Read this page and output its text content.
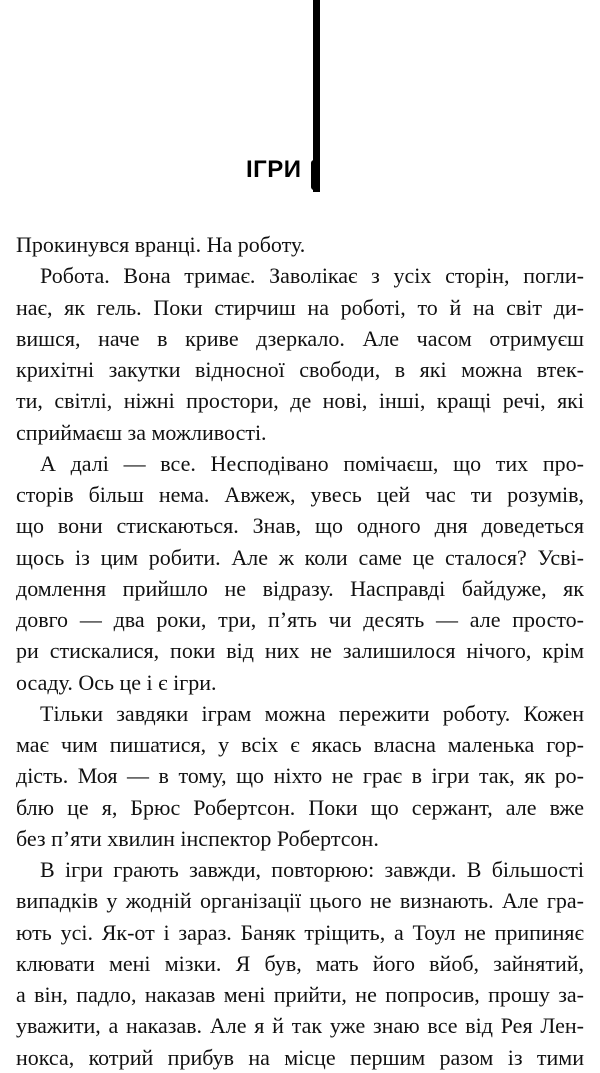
ІГРИ
Прокинувся вранці. На роботу.
Робота. Вона тримає. Заволікає з усіх сторін, погли-
нає, як гель. Поки стирчиш на роботі, то й на світ ди-
вишся, наче в криве дзеркало. Але часом отримуєш
крихітні закутки відносної свободи, в які можна втек-
ти, світлі, ніжні простори, де нові, інші, кращі речі, які
сприймаєш за можливості.
А далі — все. Несподівано помічаєш, що тих про-
сторів більш нема. Авжеж, увесь цей час ти розумів,
що вони стискаються. Знав, що одного дня доведеться
щось із цим робити. Але ж коли саме це сталося? Усві-
домлення прийшло не відразу. Насправді байдуже, як
довго — два роки, три, п’ять чи десять — але просто-
ри стискалися, поки від них не залишилося нічого, крім
осаду. Ось це і є ігри.
Тільки завдяки іграм можна пережити роботу. Кожен
має чим пишатися, у всіх є якась власна маленька гор-
дість. Моя — в тому, що ніхто не грає в ігри так, як ро-
блю це я, Брюс Робертсон. Поки що сержант, але вже
без п’яти хвилин інспектор Робертсон.
В ігри грають завжди, повторюю: завжди. В більшості
випадків у жодній організації цього не визнають. Але гра-
ють усі. Як-от і зараз. Баняк тріщить, а Тоул не припиняє
клювати мені мізки. Я був, мать його вйоб, зайнятий,
а він, падло, наказав мені прийти, не попросив, прошу за-
уважити, а наказав. Але я й так уже знаю все від Рея Лен-
нокса, котрий прибув на місце першим разом із тими
